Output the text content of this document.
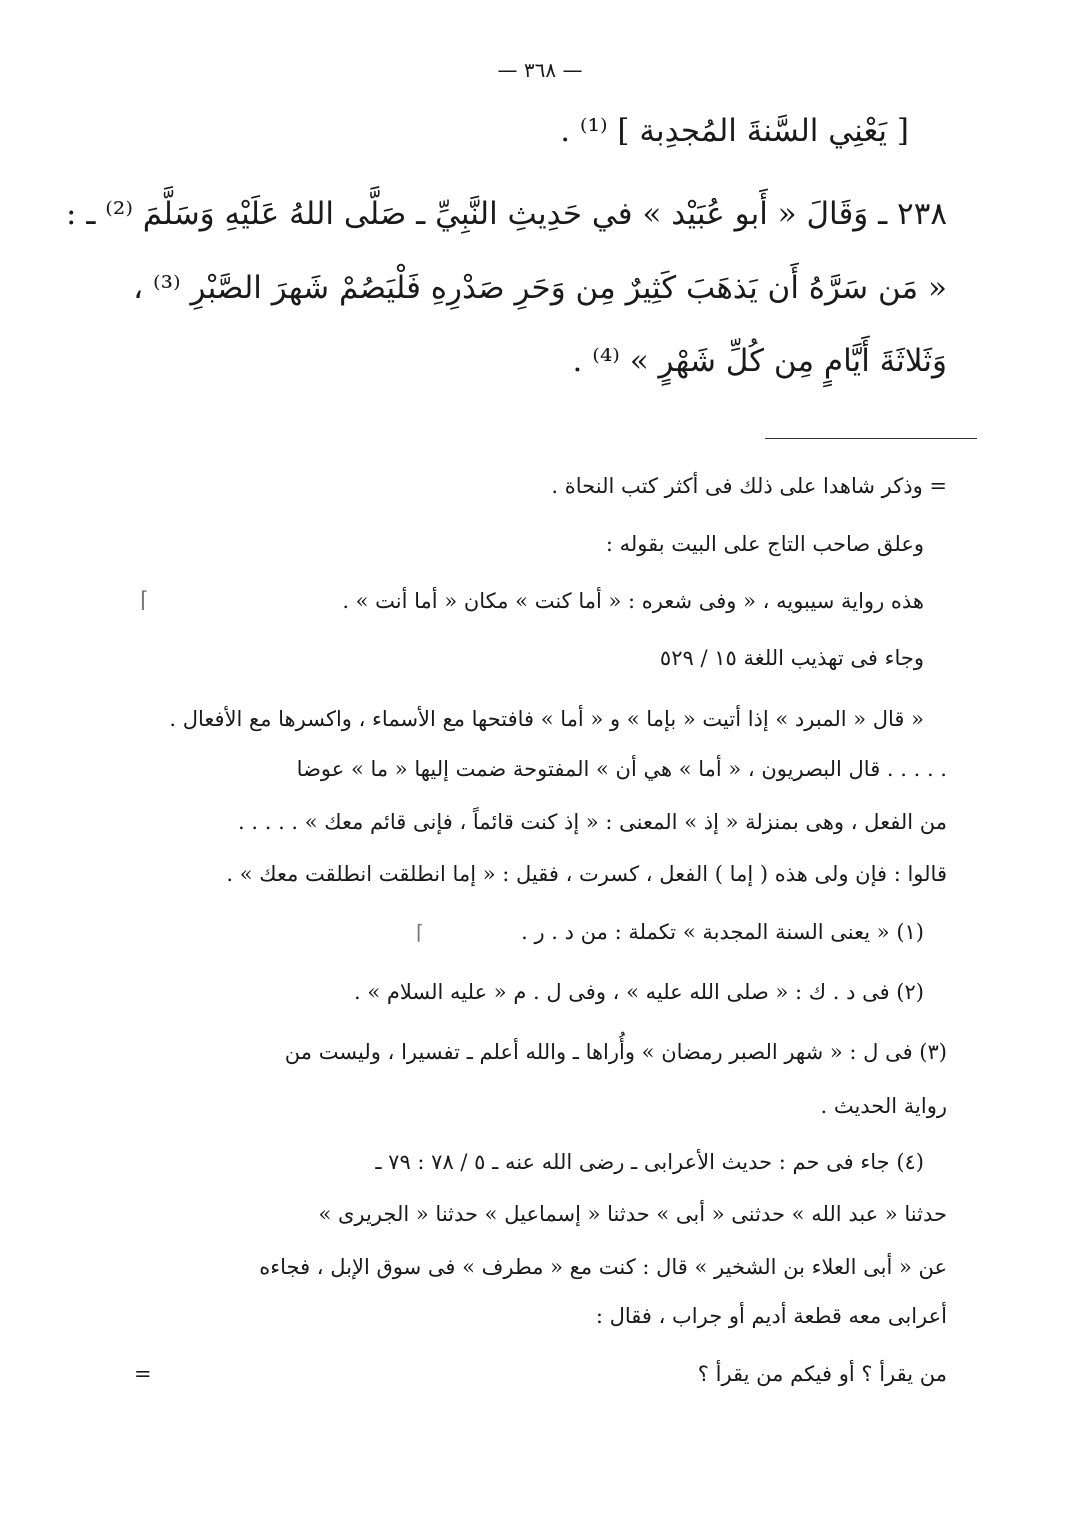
— ٣٦٨ —
[ يَعْنِي السَّنةَ المُجدِبة ] ⁽¹⁾ .
٢٣٨ ـ وَقَالَ « أَبو عُبَيْد » في حَدِيثِ النَّبِيِّ ـ صَلَّى اللهُ عَلَيْهِ وَسَلَّمَ ⁽²⁾ ـ :
« مَن سَرَّهُ أَن يَذهَبَ كَثِيرٌ مِن وَحَرِ صَدْرِهِ فَلْيَصُمْ شَهرَ الصَّبْرِ ⁽³⁾ ،
وَثَلاثَةَ أَيَّامٍ مِن كُلِّ شَهْرٍ » ⁽⁴⁾ .
= وذكر شاهدا على ذلك فى أكثر كتب النحاة .
وعلق صاحب التاج على البيت بقوله :
هذه رواية سيبويه ، « وفى شعره : « أما كنت » مكان « أما أنت » .
وجاء فى تهذيب اللغة ١٥ / ٥٢٩
« قال « المبرد » إذا أتيت « بإما » و « أما » فافتحها مع الأسماء ، واكسرها مع الأفعال .
. . . . . قال البصريون ، « أما » هي أن » المفتوحة ضمت إليها « ما » عوضا
من الفعل ، وهى بمنزلة « إذ » المعنى : « إذ كنت قائماً ، فإنى قائم معك » . . . . .
قالوا : فإن ولى هذه ( إما ) الفعل ، كسرت ، فقيل : « إما انطلقت انطلقت معك » .
(١) « يعنى السنة المجدبة » تكملة : من د . ر .
(٢) فى د . ك : « صلى الله عليه » ، وفى ل . م « عليه السلام » .
(٣) فى ل : « شهر الصبر رمضان » وأُراها ـ والله أعلم ـ تفسيرا ، وليست من
رواية الحديث .
(٤) جاء فى حم : حديث الأعرابى ـ رضى الله عنه ـ ٥ / ٧٨ : ٧٩ ـ
حدثنا « عبد الله » حدثنى « أبى » حدثنا « إسماعيل » حدثنا « الجريرى »
عن « أبى العلاء بن الشخير » قال : كنت مع « مطرف » فى سوق الإبل ، فجاءه
أعرابى معه قطعة أديم أو جراب ، فقال :
من يقرأ ؟ أو فيكم من يقرأ ؟
=
⌈
⌈
